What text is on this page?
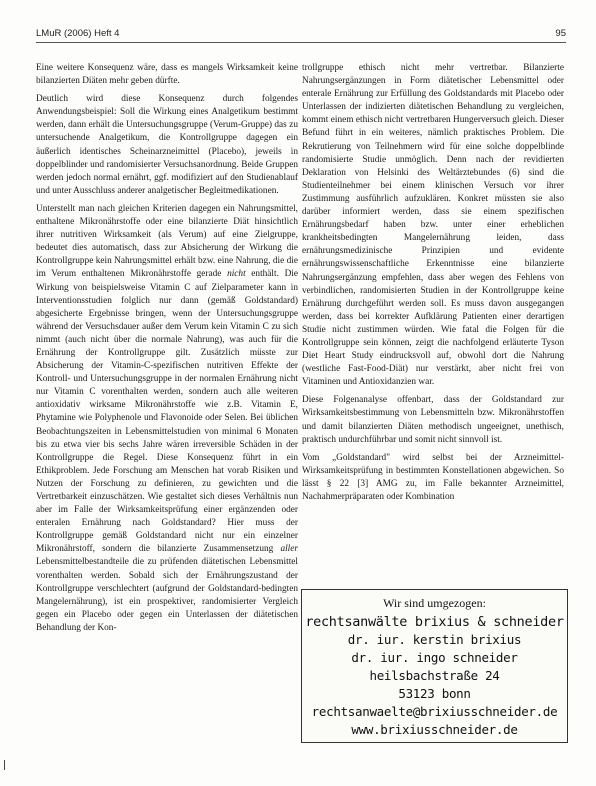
LMuR (2006) Heft 4	95

Eine weitere Konsequenz wäre, dass es mangels Wirksamkeit keine bilanzierten Diäten mehr geben dürfte.

Deutlich wird diese Konsequenz durch folgendes Anwendungsbeispiel: Soll die Wirkung eines Analgetikum bestimmt werden, dann erhält die Untersuchungsgruppe (Verum-Gruppe) das zu untersuchende Analgetikum, die Kontrollgruppe dagegen ein äußerlich identisches Scheinarzneimittel (Placebo), jeweils in doppelblinder und randomisierter Versuchsanordnung. Beide Gruppen werden jedoch normal ernährt, ggf. modifiziert auf den Studienablauf und unter Ausschluss anderer analgetischer Begleitmedikationen.

Unterstellt man nach gleichen Kriterien dagegen ein Nahrungsmittel, enthaltene Mikronährstoffe oder eine bilanzierte Diät hinsichtlich ihrer nutritiven Wirksamkeit (als Verum) auf eine Zielgruppe, bedeutet dies automatisch, dass zur Absicherung der Wirkung die Kontrollgruppe kein Nahrungsmittel erhält bzw. eine Nahrung, die die im Verum enthaltenen Mikronährstoffe gerade nicht enthält. Die Wirkung von beispielsweise Vitamin C auf Zielparameter kann in Interventionsstudien folglich nur dann (gemäß Goldstandard) abgesicherte Ergebnisse bringen, wenn der Untersuchungsgruppe während der Versuchsdauer außer dem Verum kein Vitamin C zu sich nimmt (auch nicht über die normale Nahrung), was auch für die Ernährung der Kontrollgruppe gilt. Zusätzlich müsste zur Absicherung der Vitamin-C-spezifischen nutritiven Effekte der Kontroll- und Untersuchungsgruppe in der normalen Ernährung nicht nur Vitamin C vorenthalten werden, sondern auch alle weiteren antioxidativ wirksame Mikronährstoffe wie z.B. Vitamin E, Phytamine wie Polyphenole und Flavonoide oder Selen. Bei üblichen Beobachtungszeiten in Lebensmittelstudien von minimal 6 Monaten bis zu etwa vier bis sechs Jahre wären irreversible Schäden in der Kontrollgruppe die Regel. Diese Konsequenz führt in ein Ethikproblem. Jede Forschung am Menschen hat vorab Risiken und Nutzen der Forschung zu definieren, zu gewichten und die Vertretbarkeit einzuschätzen. Wie gestaltet sich dieses Verhältnis nun aber im Falle der Wirksamkeitsprüfung einer ergänzenden oder enteralen Ernährung nach Goldstandard? Hier muss der Kontrollgruppe gemäß Goldstandard nicht nur ein einzelner Mikronährstoff, sondern die bilanzierte Zusammensetzung aller Lebensmittelbestandteile die zu prüfenden diätetischen Lebensmittel vorenthalten werden. Sobald sich der Ernährungszustand der Kontrollgruppe verschlechtert (aufgrund der Goldstandard-bedingten Mangelernährung), ist ein prospektiver, randomisierter Vergleich gegen ein Placebo oder gegen ein Unterlassen der diätetischen Behandlung der Kon-

trollgruppe ethisch nicht mehr vertretbar. Bilanzierte Nahrungsergänzungen in Form diätetischer Lebensmittel oder enterale Ernährung zur Erfüllung des Goldstandards mit Placebo oder Unterlassen der indizierten diätetischen Behandlung zu vergleichen, kommt einem ethisch nicht vertretbaren Hungerversuch gleich. Dieser Befund führt in ein weiteres, nämlich praktisches Problem. Die Rekrutierung von Teilnehmern wird für eine solche doppelblinde randomisierte Studie unmöglich. Denn nach der revidierten Deklaration von Helsinki des Weltärztebundes (6) sind die Studienteilnehmer bei einem klinischen Versuch vor ihrer Zustimmung ausführlich aufzuklären. Konkret müssten sie also darüber informiert werden, dass sie einem spezifischen Ernährungsbedarf haben bzw. unter einer erheblichen krankheitsbedingten Mangelernährung leiden, dass ernährungsmedizinische Prinzipien und evidente ernährungswissenschaftliche Erkenntnisse eine bilanzierte Nahrungsergänzung empfehlen, dass aber wegen des Fehlens von verbindlichen, randomisierten Studien in der Kontrollgruppe keine Ernährung durchgeführt werden soll. Es muss davon ausgegangen werden, dass bei korrekter Aufklärung Patienten einer derartigen Studie nicht zustimmen würden. Wie fatal die Folgen für die Kontrollgruppe sein können, zeigt die nachfolgend erläuterte Tyson Diet Heart Study eindrucksvoll auf, obwohl dort die Nahrung (westliche Fast-Food-Diät) nur verstärkt, aber nicht frei von Vitaminen und Antioxidanzien war.

Diese Folgenanalyse offenbart, dass der Goldstandard zur Wirksamkeitsbestimmung von Lebensmitteln bzw. Mikronährstoffen und damit bilanzierten Diäten methodisch ungeeignet, unethisch, praktisch undurchführbar und somit nicht sinnvoll ist.

Vom „Goldstandard" wird selbst bei der Arzneimittel-Wirksamkeitsprüfung in bestimmten Konstellationen abgewichen. So lässt § 22 [3] AMG zu, im Falle bekannter Arzneimittel, Nachahmerpräparaten oder Kombination

Wir sind umgezogen:
rechtsanwälte brixius & schneider
dr. iur. kerstin brixius
dr. iur. ingo schneider
heilsbachstraße 24
53123 bonn
rechtsanwaelte@brixiusschneider.de
www.brixiusschneider.de
